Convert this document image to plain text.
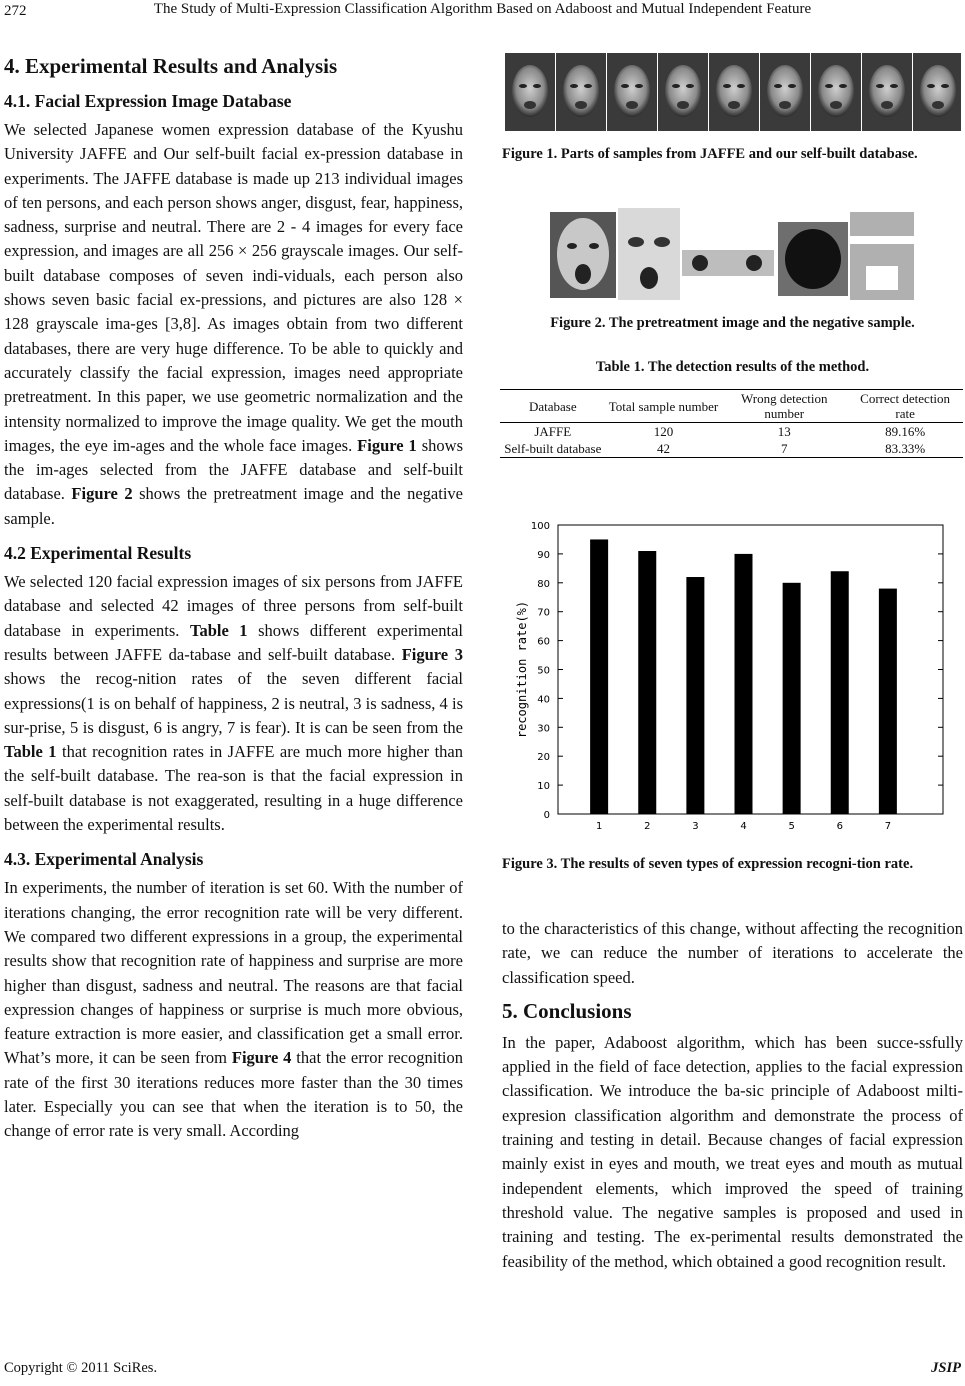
272	The Study of Multi-Expression Classification Algorithm Based on Adaboost and Mutual Independent Feature
4. Experimental Results and Analysis
4.1. Facial Expression Image Database

We selected Japanese women expression database of the Kyushu University JAFFE and Our self-built facial ex-pression database in experiments. The JAFFE database is made up 213 individual images of ten persons, and each person shows anger, disgust, fear, happiness, sadness, surprise and neutral. There are 2 - 4 images for every face expression, and images are all 256 × 256 grayscale images. Our self-built database composes of seven indi-viduals, each person also shows seven basic facial ex-pressions, and pictures are also 128 × 128 grayscale ima-ges [3,8]. As images obtain from two different databases, there are very huge difference. To be able to quickly and accurately classify the facial expression, images need appropriate pretreatment. In this paper, we use geometric normalization and the intensity normalized to improve the image quality. We get the mouth images, the eye im-ages and the whole face images. Figure 1 shows the im-ages selected from the JAFFE database and self-built database. Figure 2 shows the pretreatment image and the negative sample.

4.2 Experimental Results

We selected 120 facial expression images of six persons from JAFFE database and selected 42 images of three persons from self-built database in experiments. Table 1 shows different experimental results between JAFFE da-tabase and self-built database. Figure 3 shows the recog-nition rates of the seven different facial expressions(1 is on behalf of happiness, 2 is neutral, 3 is sadness, 4 is sur-prise, 5 is disgust, 6 is angry, 7 is fear). It is can be seen from the Table 1 that recognition rates in JAFFE are much more higher than the self-built database. The rea-son is that the facial expression in self-built database is not exaggerated, resulting in a huge difference between the experimental results.

4.3. Experimental Analysis

In experiments, the number of iteration is set 60. With the number of iterations changing, the error recognition rate will be very different. We compared two different expressions in a group, the experimental results show that recognition rate of happiness and surprise are more higher than disgust, sadness and neutral. The reasons are that facial expression changes of happiness or surprise is much more obvious, feature extraction is more easier, and classification get a small error. What’s more, it can be seen from Figure 4 that the error recognition rate of the first 30 iterations reduces more faster than the 30 times later. Especially you can see that when the iteration is to 50, the change of error rate is very small. According

Figure 1. Parts of samples from JAFFE and our self-built database.

Figure 2. The pretreatment image and the negative sample.

Table 1. The detection results of the method.

Database	Total sample number	Wrong detection number	Correct detection rate
JAFFE	120	13	89.16%
Self-built database	42	7	83.33%
0
10
20
30
40
50
60
70
80
90
100
1	2	3	4	5	6	7
recognition rate(%)

Figure 3. The results of seven types of expression recogni-tion rate.

to the characteristics of this change, without affecting the recognition rate, we can reduce the number of iterations to accelerate the classification speed.

5. Conclusions

In the paper, Adaboost algorithm, which has been succe-ssfully applied in the field of face detection, applies to the facial expression classification. We introduce the ba-sic principle of Adaboost milti-expresion classification algorithm and demonstrate the process of training and testing in detail. Because changes of facial expression mainly exist in eyes and mouth, we treat eyes and mouth as mutual independent elements, which improved the speed of training threshold value. The negative samples is proposed and used in training and testing. The ex-perimental results demonstrated the feasibility of the method, which obtained a good recognition result.

Copyright © 2011 SciRes.	JSIP
